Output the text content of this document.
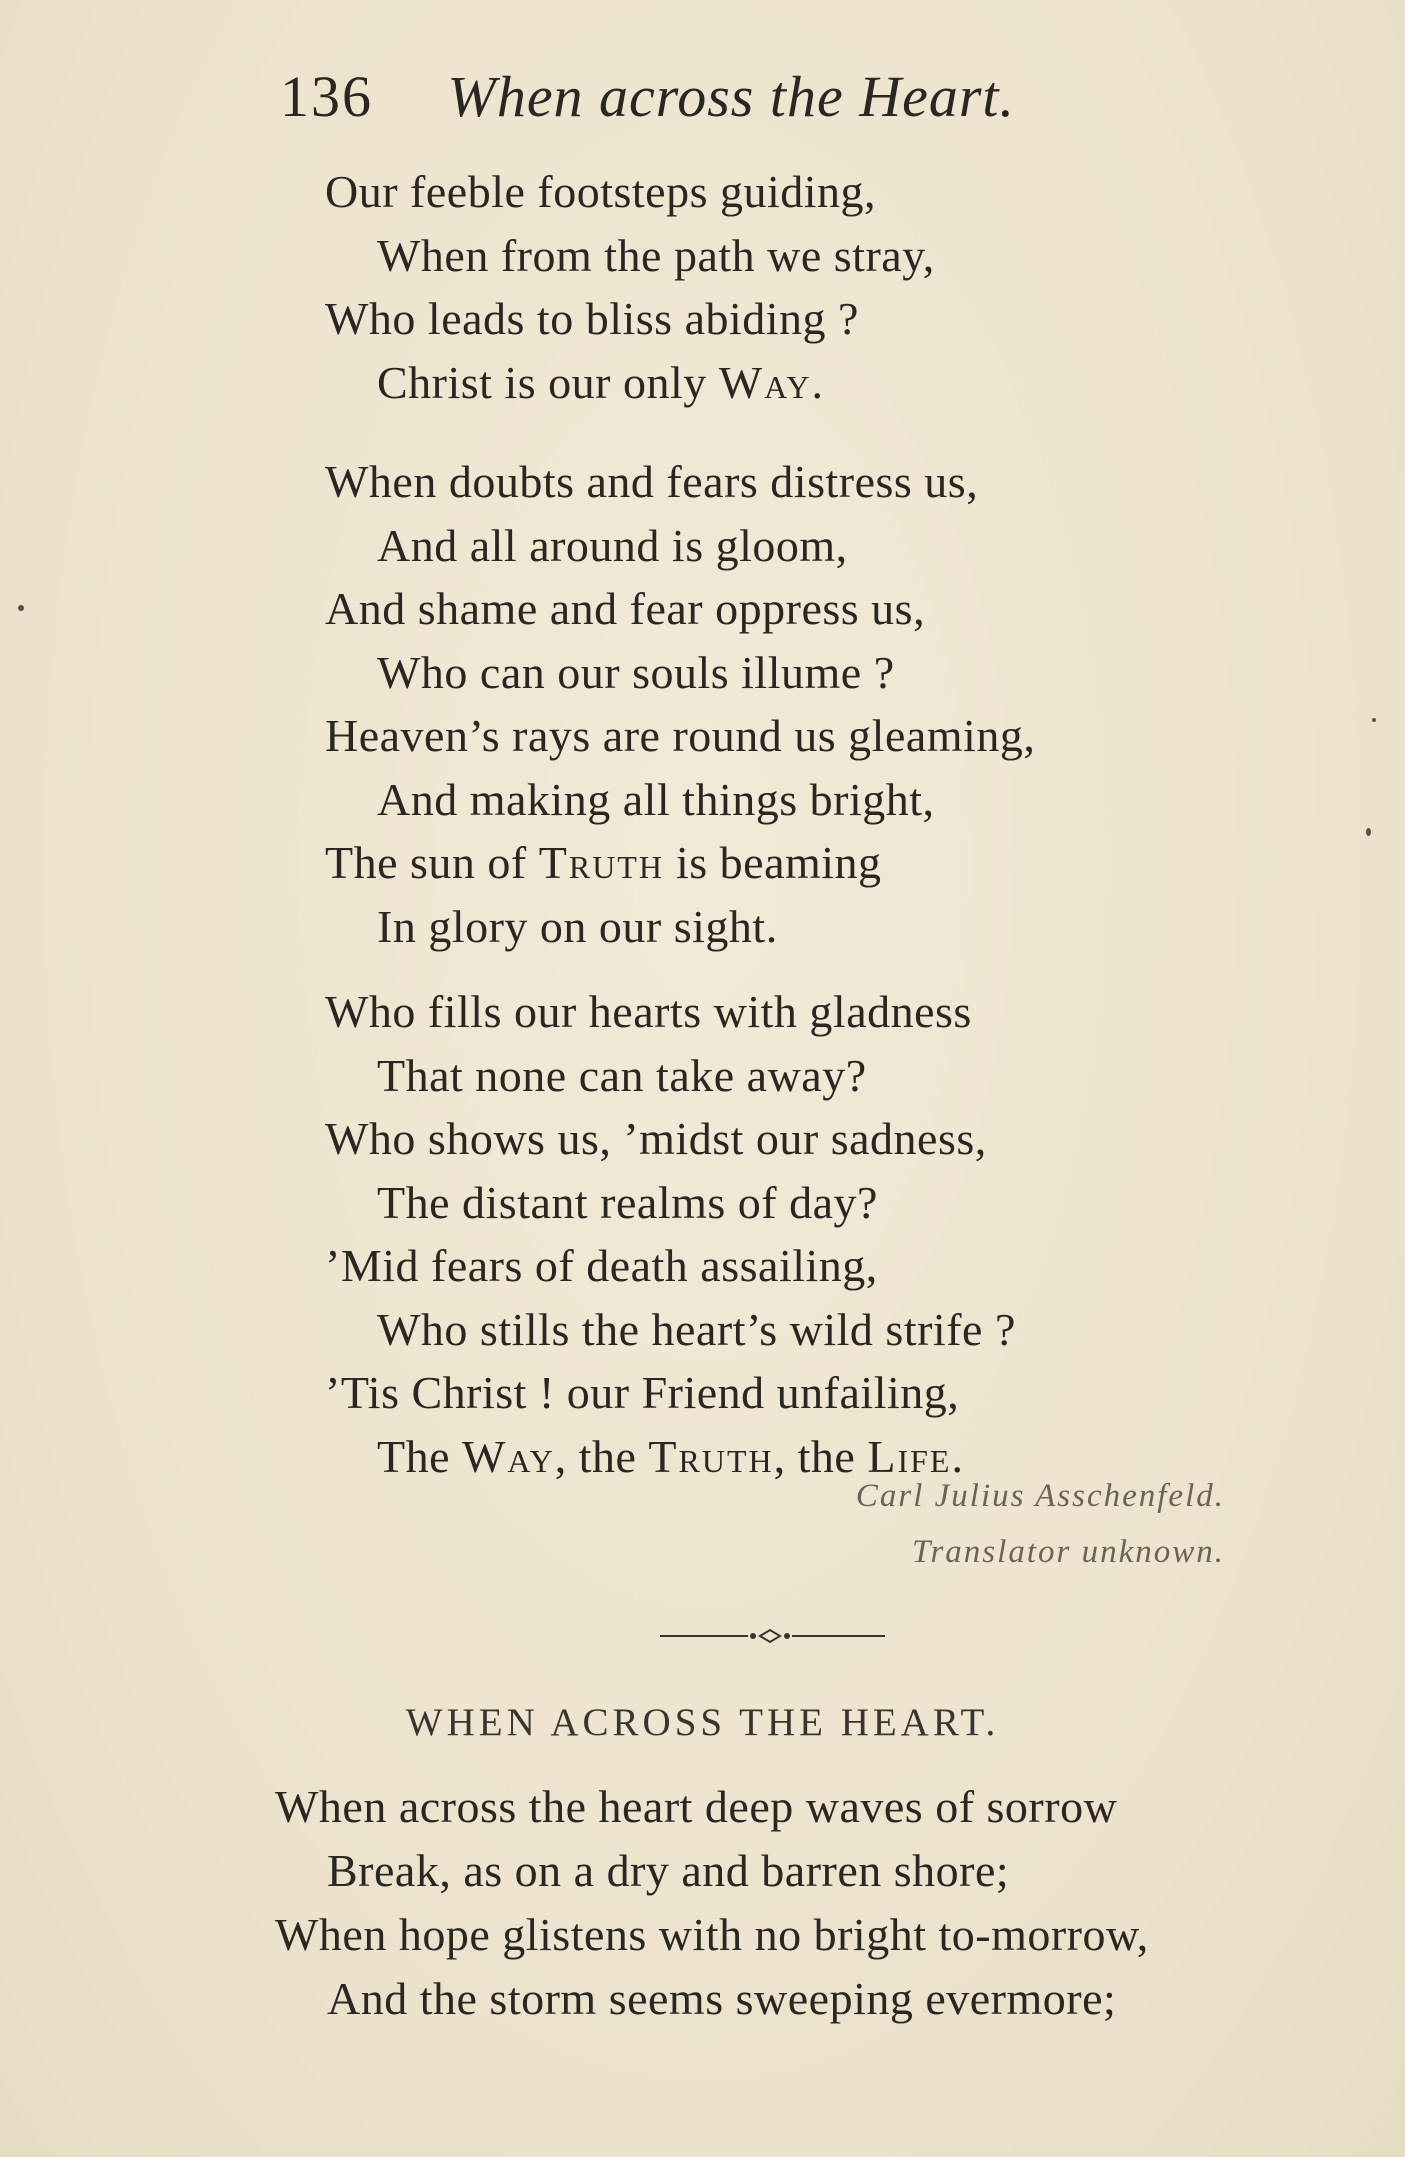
136 When across the Heart.
Our feeble footsteps guiding,
When from the path we stray,
Who leads to bliss abiding ?
Christ is our only Way.
When doubts and fears distress us,
And all around is gloom,
And shame and fear oppress us,
Who can our souls illume ?
Heaven’s rays are round us gleaming,
And making all things bright,
The sun of Truth is beaming
In glory on our sight.
Who fills our hearts with gladness
That none can take away?
Who shows us, ’midst our sadness,
The distant realms of day?
’Mid fears of death assailing,
Who stills the heart’s wild strife ?
’Tis Christ ! our Friend unfailing,
The Way, the Truth, the Life.
Carl Julius Asschenfeld.
Translator unknown.
WHEN ACROSS THE HEART.
When across the heart deep waves of sorrow
Break, as on a dry and barren shore;
When hope glistens with no bright to-morrow,
And the storm seems sweeping evermore;
